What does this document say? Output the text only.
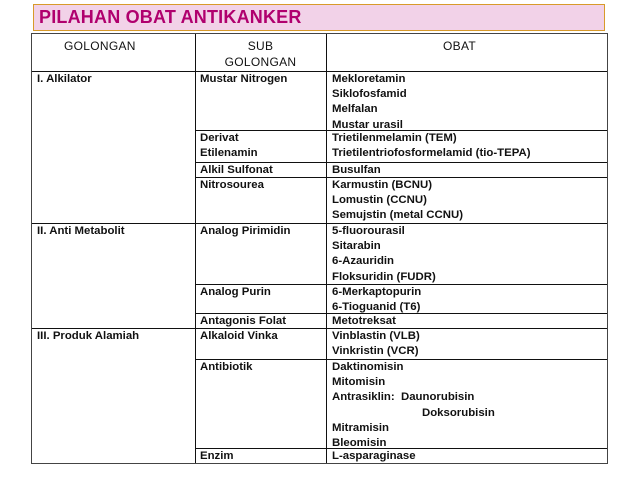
PILAHAN OBAT ANTIKANKER
GOLONGAN	SUB
GOLONGAN
OBAT
I. Alkilator
II. Anti Metabolit
III. Produk Alamiah
Mustar Nitrogen
Derivat
Etilenamin
Alkil Sulfonat
Nitrosourea
Analog Pirimidin
Analog Purin
Antagonis Folat
Alkaloid Vinka
Antibiotik
Enzim
Mekloretamin
Siklofosfamid
Melfalan
Mustar urasil
Trietilenmelamin (TEM)
Trietilentriofosformelamid (tio-TEPA)
Busulfan
Karmustin (BCNU)
Lomustin (CCNU)
Semujstin (metal CCNU)
5-fluorourasil
Sitarabin
6-Azauridin
Floksuridin (FUDR)
6-Merkaptopurin
6-Tioguanid (T6)
Metotreksat
Vinblastin (VLB)
Vinkristin (VCR)
Daktinomisin
Mitomisin
Antrasiklin:  Daunorubisin
Doksorubisin
Mitramisin
Bleomisin
L-asparaginase
